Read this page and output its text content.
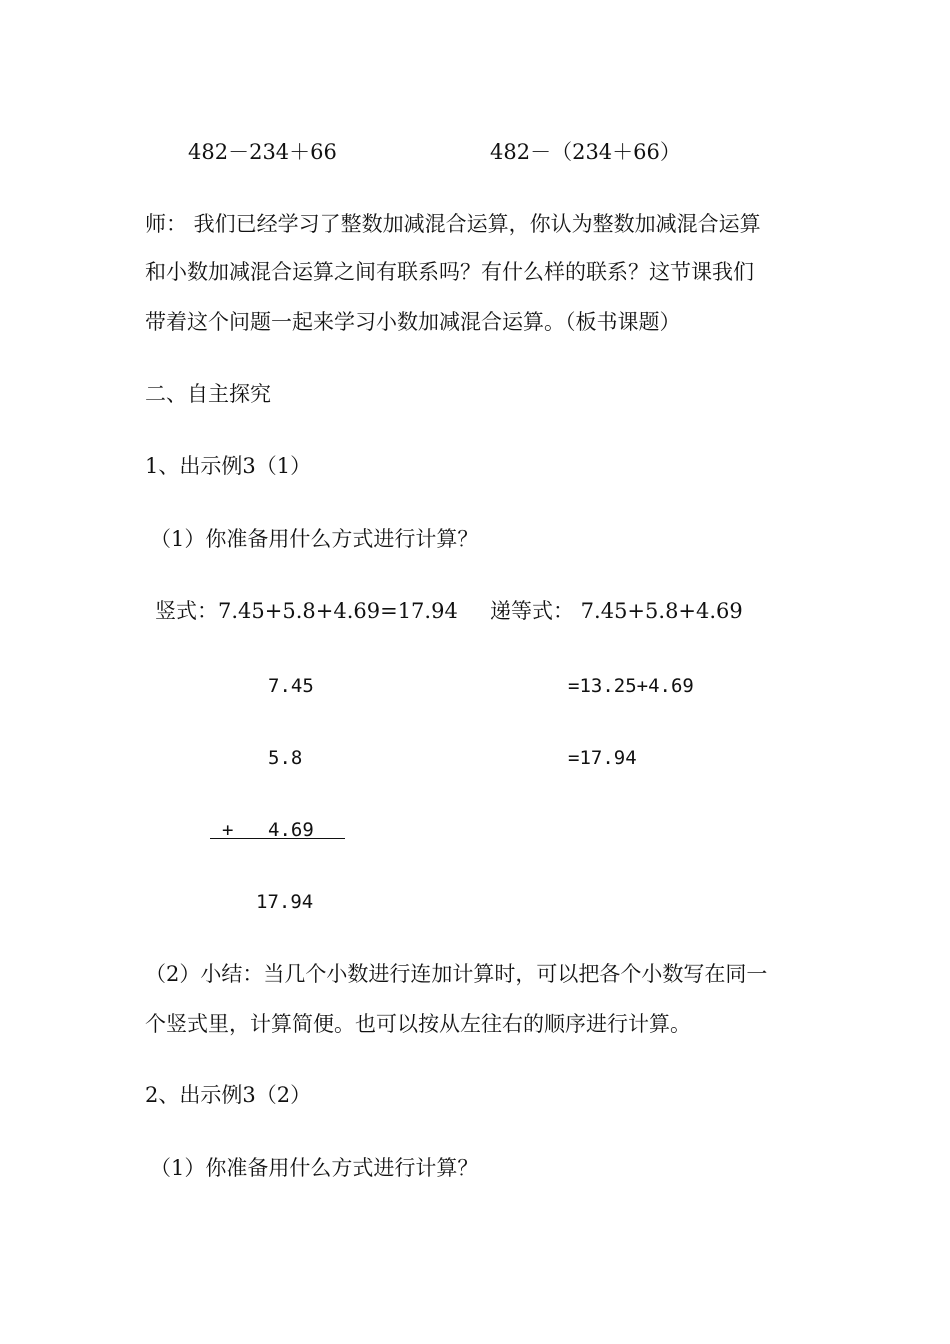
482－234＋66	482－（234＋66）
师： 我们已经学习了整数加减混合运算，你认为整数加减混合运算
和小数加减混合运算之间有联系吗？有什么样的联系？这节课我们
带着这个问题一起来学习小数加减混合运算。（板书课题）
二、自主探究
1、出示例3（1）
（1）你准备用什么方式进行计算？
竖式：7.45+5.8+4.69=17.94 递等式： 7.45+5.8+4.69
7.45	=13.25+4.69
5.8	=17.94
+ 4.69
17.94
（2）小结：当几个小数进行连加计算时，可以把各个小数写在同一
个竖式里，计算简便。也可以按从左往右的顺序进行计算。
2、出示例3（2）
（1）你准备用什么方式进行计算？
